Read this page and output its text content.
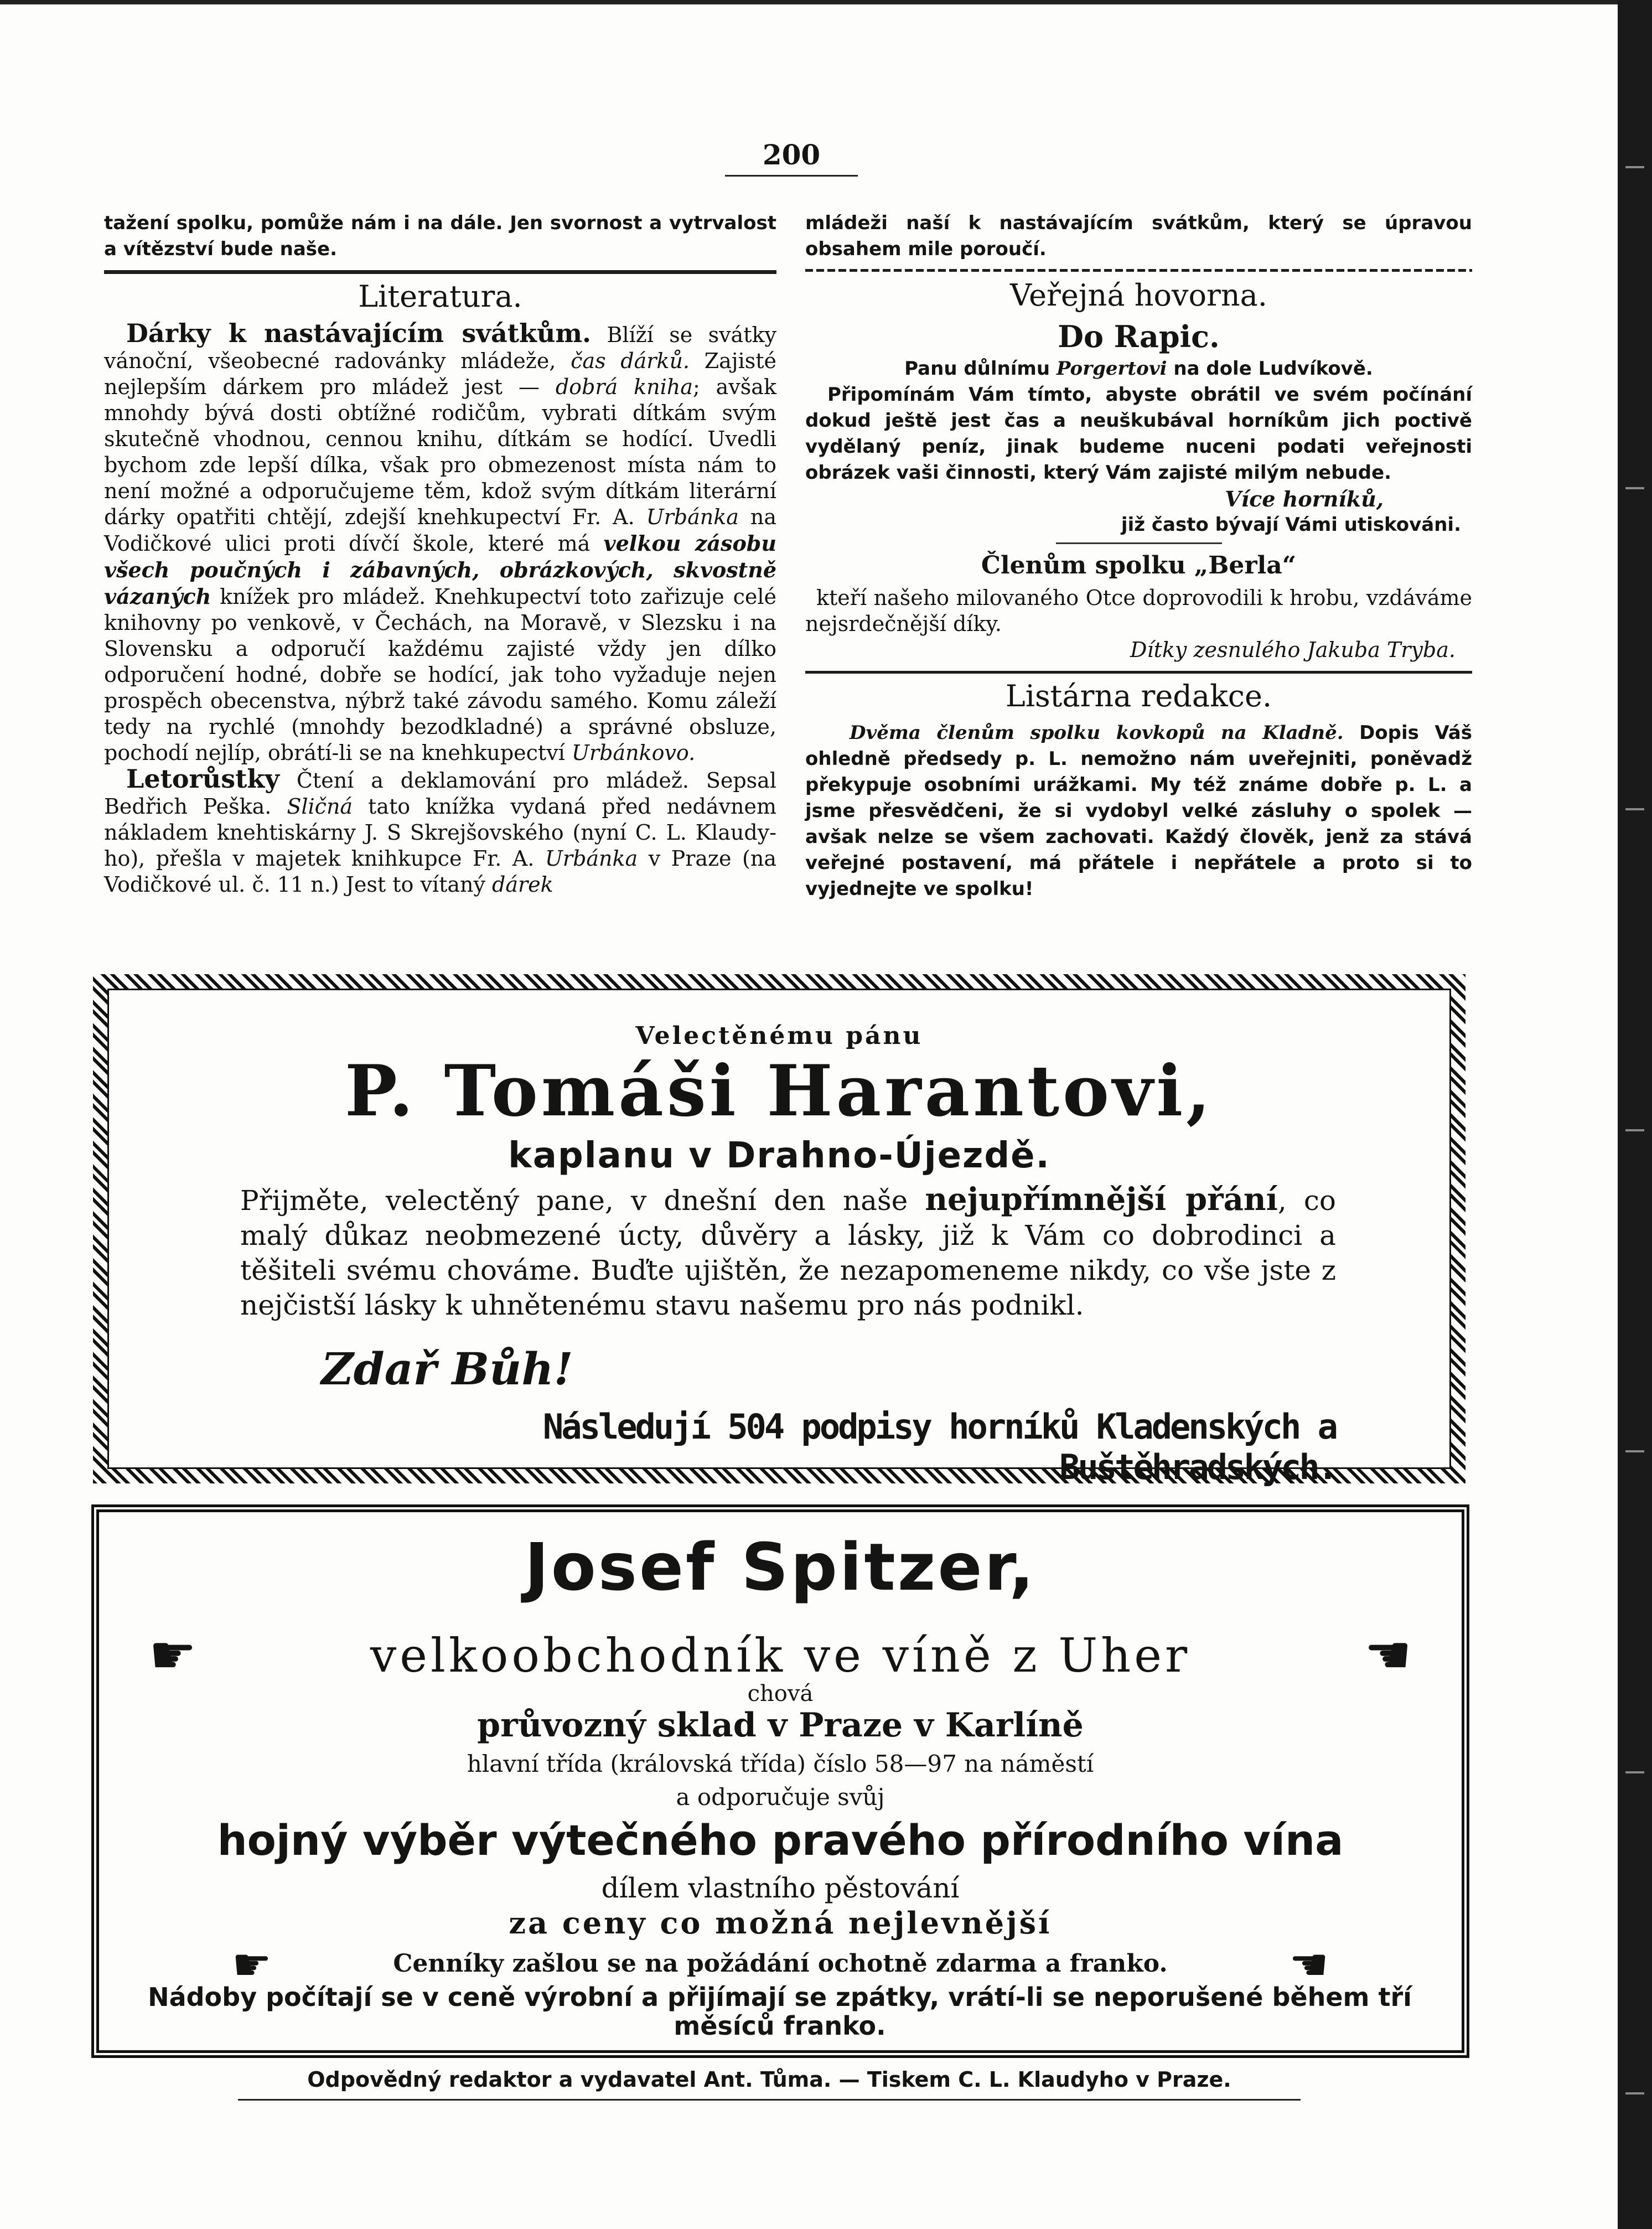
200

tažení spolku, pomůže nám i na dále. Jen svornost a vytrvalost a vítězství bude naše.

Literatura.

Dárky k nastávajícím svátkům. Blíží se svátky vánoční, všeobecné radovánky mládeže, čas dárků. Zajisté nejlepším dárkem pro mládež jest — dobrá kniha; avšak mnohdy bývá dosti obtížné rodičům, vybrati dítkám svým skutečně vhodnou, cennou knihu, dítkám se hodící. Uvedli bychom zde lepší dílka, však pro obmezenost místa nám to není možné a odporučujeme těm, kdož svým dítkám literární dárky opatřiti chtějí, zdejší knehkupectví Fr. A. Urbánka na Vodičkové ulici proti dívčí škole, které má velkou zásobu všech poučných i zábavných, obrázkových, skvostně vázaných knížek pro mládež. Knehkupectví toto zařizuje celé knihovny po venkově, v Čechách, na Moravě, v Slezsku i na Slovensku a odporučí každému zajisté vždy jen dílko odporučení hodné, dobře se hodící, jak toho vyžaduje nejen prospěch obecenstva, nýbrž také závodu samého. Komu záleží tedy na rychlé (mnohdy bezodkladné) a správné obsluze, pochodí nejlíp, obrátí-li se na knehkupectví Urbánkovo.

Letorůstky Čtení a deklamování pro mládež. Sepsal Bedřich Peška. Sličná tato knížka vydaná před nedávnem nákladem knehtiskárny J. S Skrejšovského (nyní C. L. Klaudy-ho), přešla v majetek knihkupce Fr. A. Urbánka v Praze (na Vodičkové ul. č. 11 n.) Jest to vítaný dárek

mládeži naší k nastávajícím svátkům, který se úpravou obsahem mile poroučí.

Veřejná hovorna.
Do Rapic.

Panu důlnímu Porgertovi na dole Ludvíkově.

Připomínám Vám tímto, abyste obrátil ve svém počínání dokud ještě jest čas a neuškubával horníkům jich poctivě vydělaný peníz, jinak budeme nuceni podati veřejnosti obrázek vaši činnosti, který Vám zajisté milým nebude.

Více horníků,

již často bývají Vámi utiskováni.

Členům spolku „Berla“

kteří našeho milovaného Otce doprovodili k hrobu, vzdáváme nejsrdečnější díky.

Dítky zesnulého Jakuba Tryba.

Listárna redakce.

Dvěma členům spolku kovkopů na Kladně. Dopis Váš ohledně předsedy p. L. nemožno nám uveřejniti, poněvadž překypuje osobními urážkami. My též známe dobře p. L. a jsme přesvědčeni, že si vydobyl velké zásluhy o spolek — avšak nelze se všem zachovati. Každý člověk, jenž za stává veřejné postavení, má přátele i nepřátele a proto si to vyjednejte ve spolku!

Velectěnému pánu
P. Tomáši Harantovi,
kaplanu v Drahno-Újezdě.
Přijměte, velectěný pane, v dnešní den naše nejupřímnější přání, co malý důkaz neobmezené úcty, důvěry a lásky, již k Vám co dobrodinci a těšiteli svému chováme. Buďte ujištěn, že nezapomeneme nikdy, co vše jste z nejčistší lásky k uhnětenému stavu našemu pro nás podnikl.
Zdař Bůh!
Následují 504 podpisy horníků Kladenských a Buštěhradských.
Josef Spitzer,
☛	velkoobchodník ve víně z Uher	☚
chová
průvozný sklad v Praze v Karlíně
hlavní třída (královská třída) číslo 58—97 na náměstí
a odporučuje svůj
hojný výběr výtečného pravého přírodního vína
dílem vlastního pěstování
za ceny co možná nejlevnější
☛	Cenníky zašlou se na požádání ochotně zdarma a franko.	☚
Nádoby počítají se v ceně výrobní a přijímají se zpátky, vrátí-li se neporušené během tří měsíců franko.
Odpovědný redaktor a vydavatel Ant. Tůma. — Tiskem C. L. Klaudyho v Praze.
